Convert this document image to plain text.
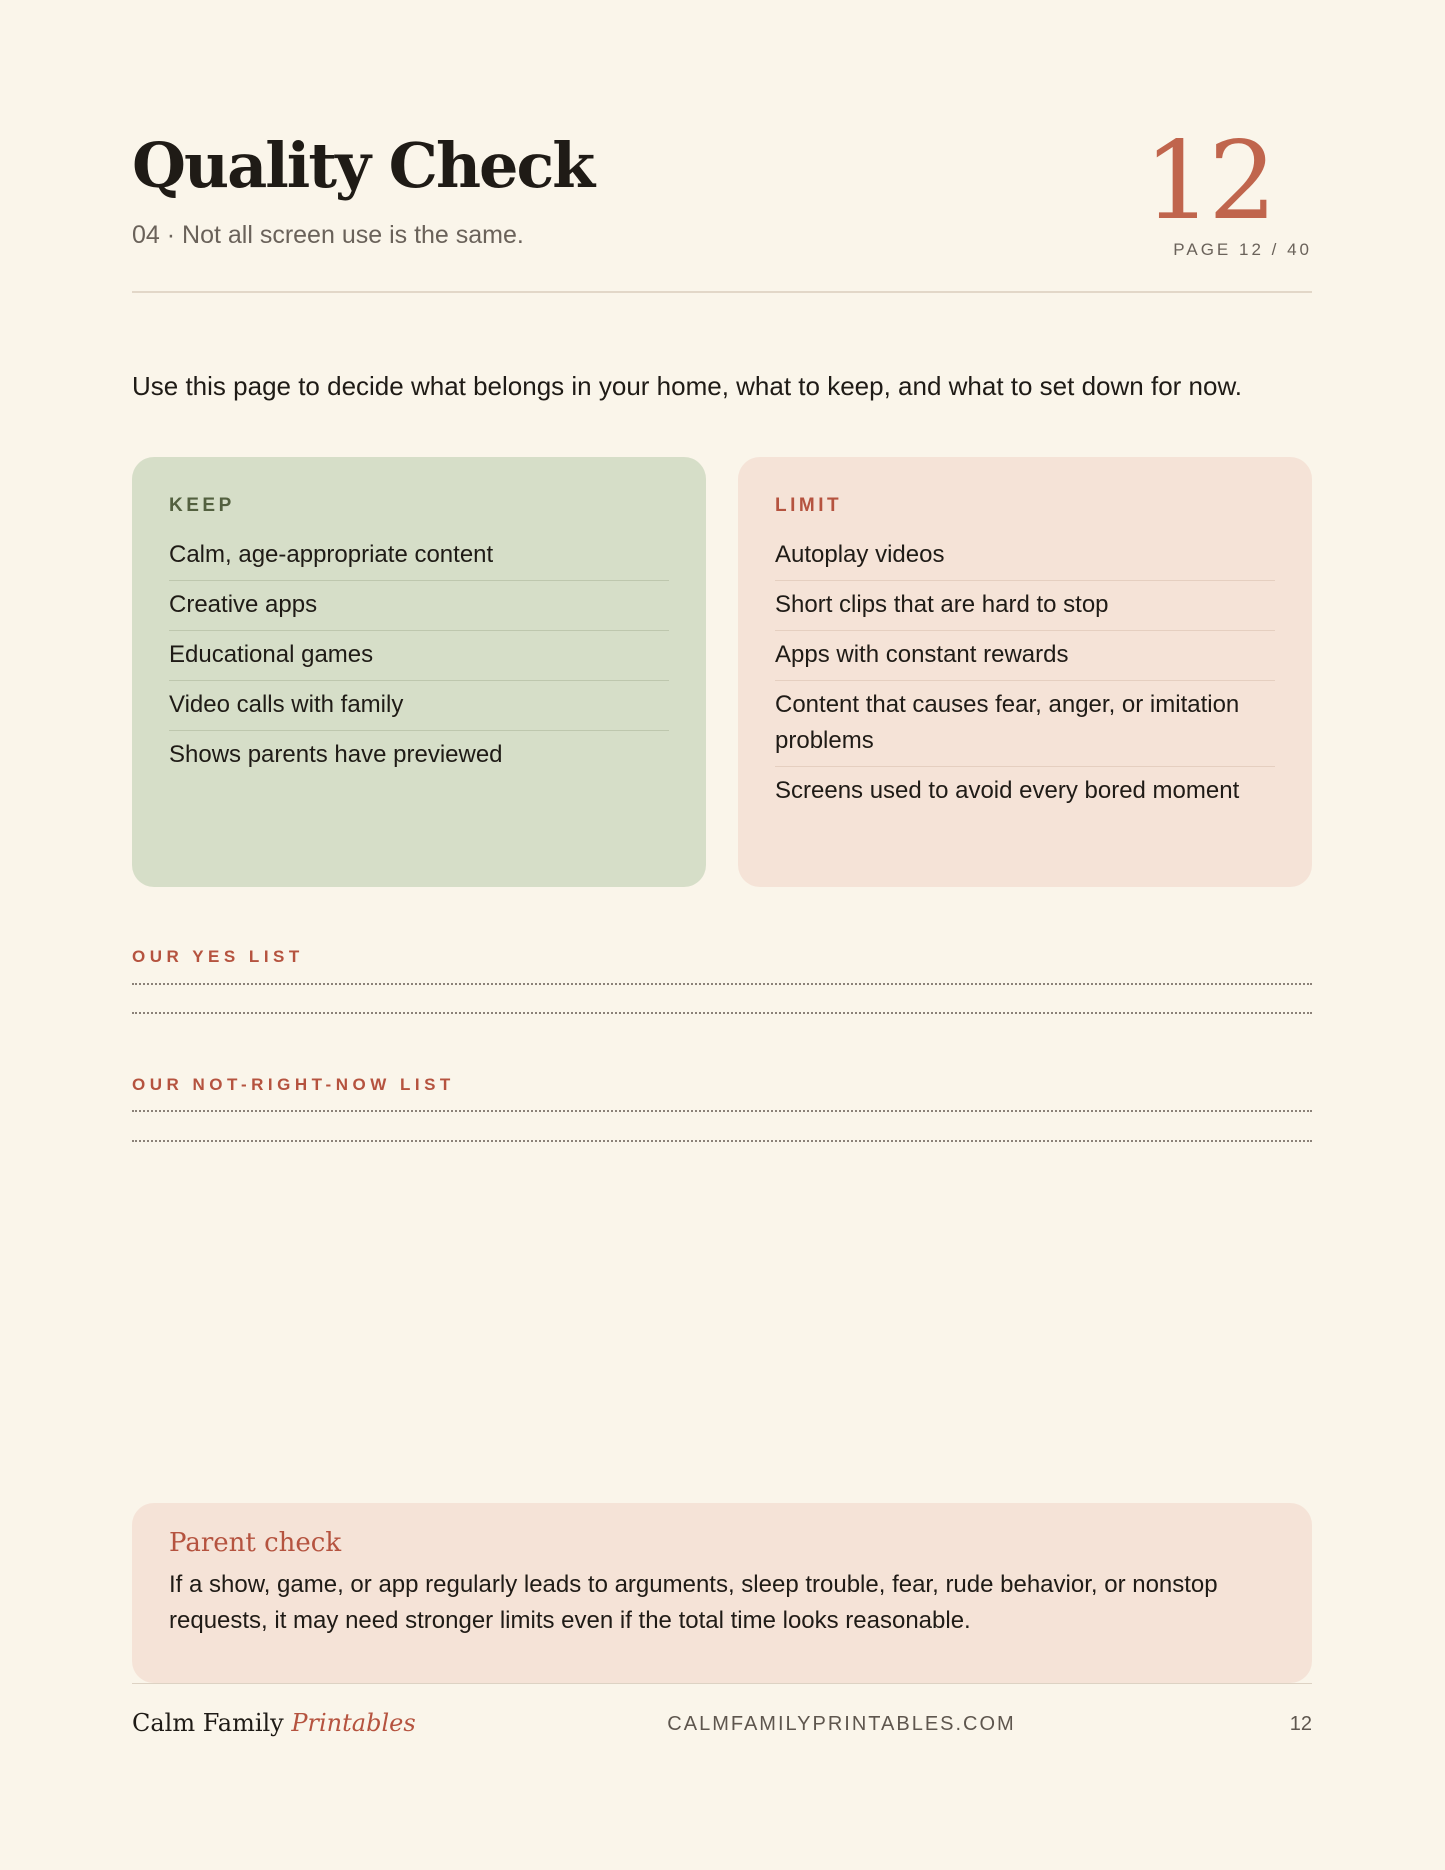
Quality Check
04 · Not all screen use is the same.	12
PAGE 12 / 40

Use this page to decide what belongs in your home, what to keep, and what to set down for now.

KEEP
Calm, age-appropriate content
Creative apps
Educational games
Video calls with family
Shows parents have previewed
LIMIT
Autoplay videos
Short clips that are hard to stop
Apps with constant rewards
Content that causes fear, anger, or imitation problems
Screens used to avoid every bored moment
OUR YES LIST
OUR NOT-RIGHT-NOW LIST
Parent check

If a show, game, or app regularly leads to arguments, sleep trouble, fear, rude behavior, or nonstop requests, it may need stronger limits even if the total time looks reasonable.

Calm Family Printables	CALMFAMILYPRINTABLES.COM	12
